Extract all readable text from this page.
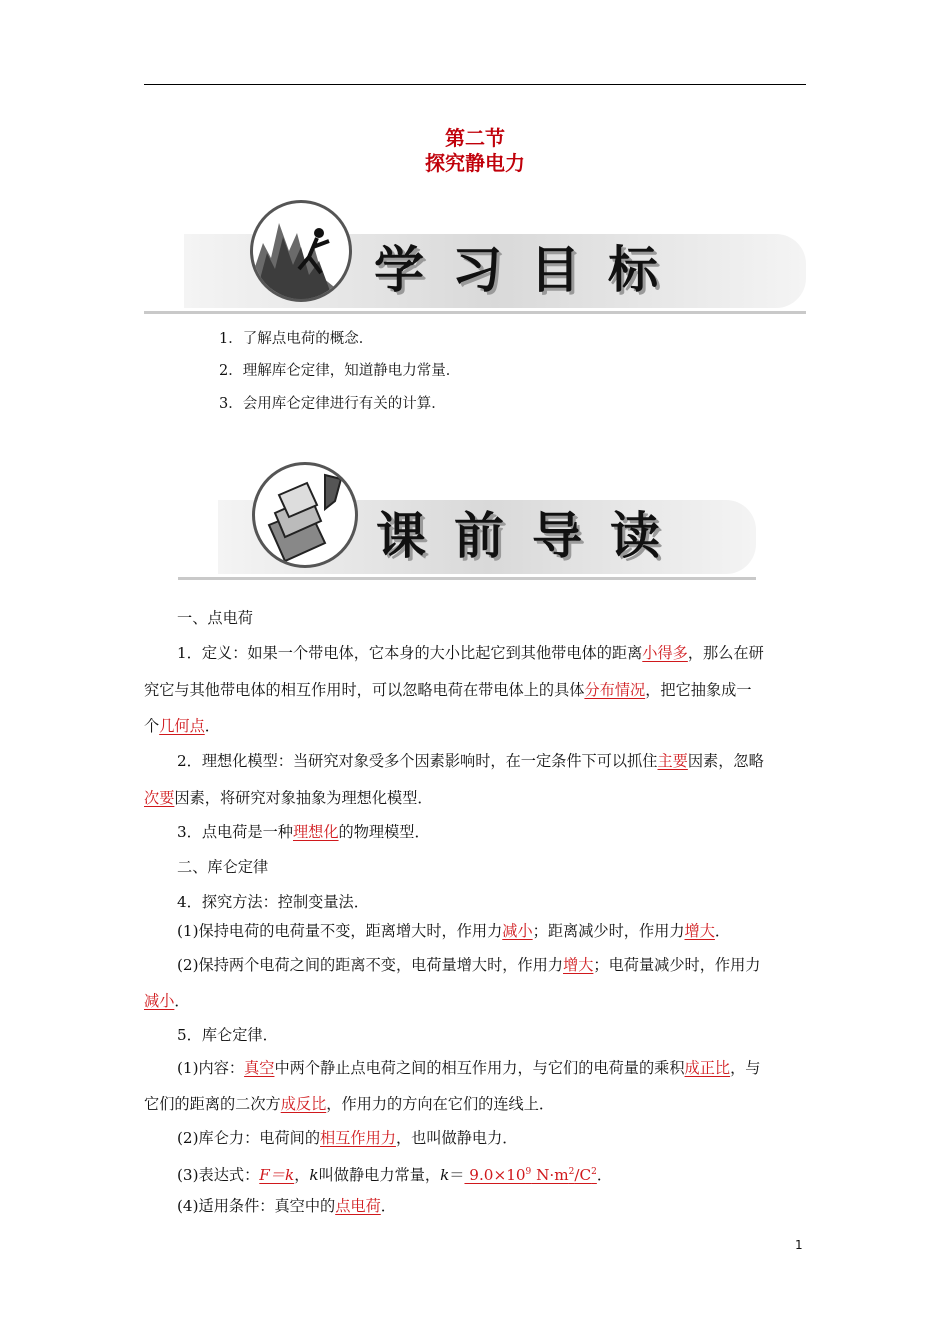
第二节
探究静电力
学习目标
1．了解点电荷的概念．
2．理解库仑定律，知道静电力常量．
3．会用库仑定律进行有关的计算．
课前导读
一、点电荷
1．定义：如果一个带电体，它本身的大小比起它到其他带电体的距离小得多，那么在研
究它与其他带电体的相互作用时，可以忽略电荷在带电体上的具体分布情况，把它抽象成一
个几何点．
2．理想化模型：当研究对象受多个因素影响时，在一定条件下可以抓住主要因素，忽略
次要因素，将研究对象抽象为理想化模型．
3．点电荷是一种理想化的物理模型．
二、库仑定律
4．探究方法：控制变量法．
(1)保持电荷的电荷量不变，距离增大时，作用力减小；距离减少时，作用力增大．
(2)保持两个电荷之间的距离不变，电荷量增大时，作用力增大；电荷量减少时，作用力
减小．
5．库仑定律．
(1)内容：真空中两个静止点电荷之间的相互作用力，与它们的电荷量的乘积成正比，与
它们的距离的二次方成反比，作用力的方向在它们的连线上．
(2)库仑力：电荷间的相互作用力，也叫做静电力．
(3)表达式：F＝k，k叫做静电力常量，$k= 9.0\times 10^9$ $N\cdot m^2/C^2$．
(4)适用条件：真空中的点电荷．
1
